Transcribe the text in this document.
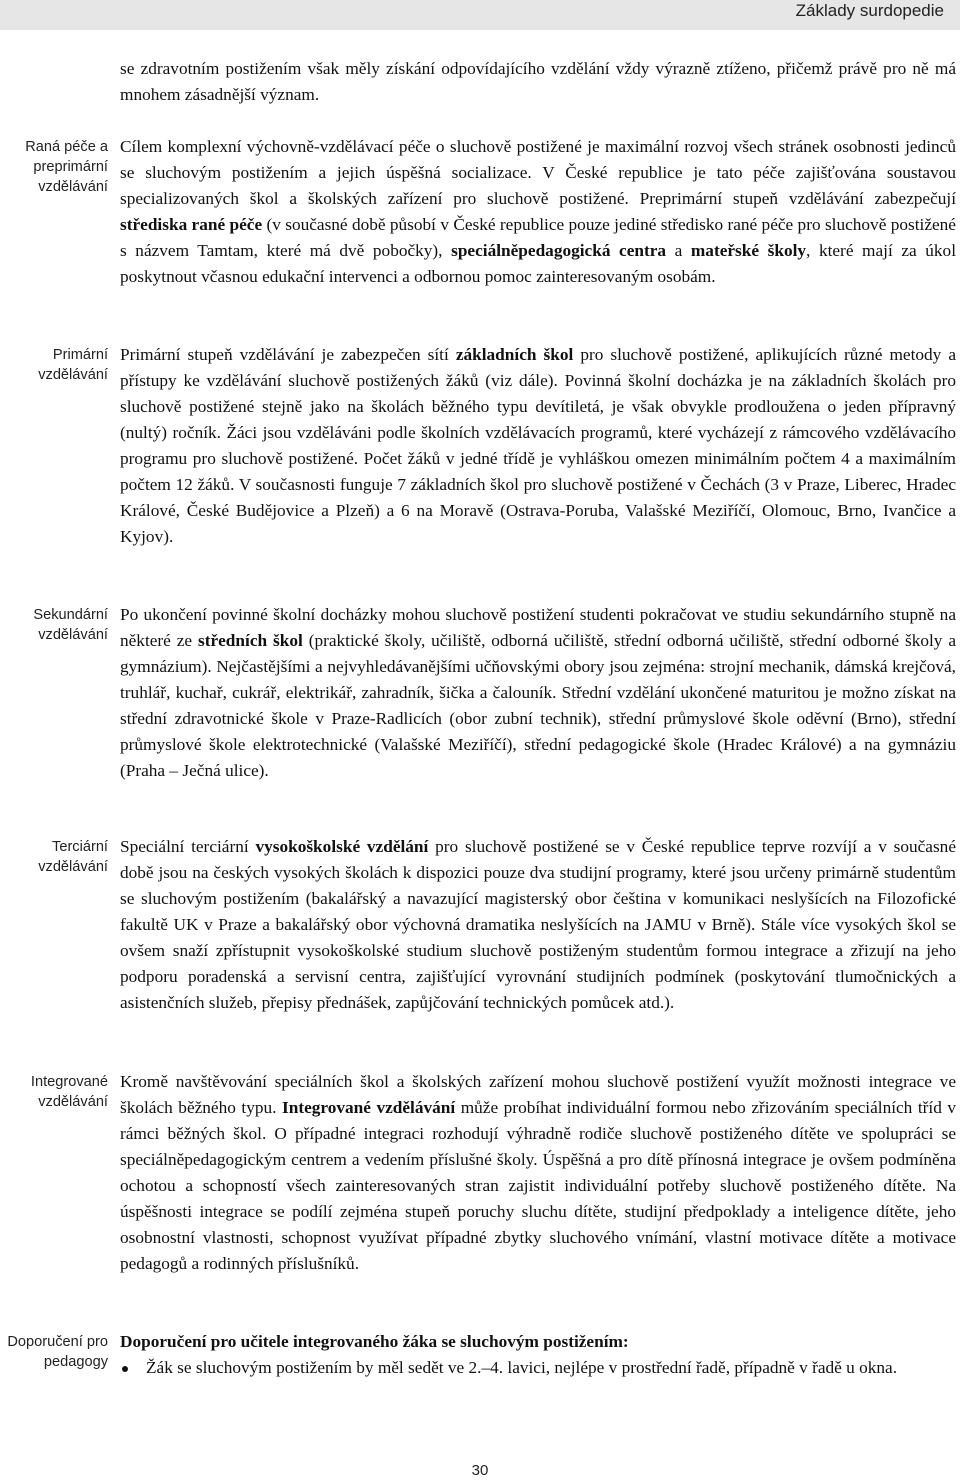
Základy surdopedie
se zdravotním postižením však měly získání odpovídajícího vzdělání vždy výrazně ztíženo, přičemž právě pro ně má mnohem zásadnější význam.
Raná péče a preprimární vzdělávání
Cílem komplexní výchovně-vzdělávací péče o sluchově postižené je maximální rozvoj všech stránek osobnosti jedinců se sluchovým postižením a jejich úspěšná socializace. V České republice je tato péče zajišťována soustavou specializovaných škol a školských zařízení pro sluchově postižené. Preprimární stupeň vzdělávání zabezpečují střediska rané péče (v současné době působí v České republice pouze jediné středisko rané péče pro sluchově postižené s názvem Tamtam, které má dvě pobočky), speciálněpedagogická centra a mateřské školy, které mají za úkol poskytnout včasnou edukační intervenci a odbornou pomoc zainteresovaným osobám.
Primární vzdělávání
Primární stupeň vzdělávání je zabezpečen sítí základních škol pro sluchově postižené, aplikujících různé metody a přístupy ke vzdělávání sluchově postižených žáků (viz dále). Povinná školní docházka je na základních školách pro sluchově postižené stejně jako na školách běžného typu devítiletá, je však obvykle prodloužena o jeden přípravný (nultý) ročník. Žáci jsou vzděláváni podle školních vzdělávacích programů, které vycházejí z rámcového vzdělávacího programu pro sluchově postižené. Počet žáků v jedné třídě je vyhláškou omezen minimálním počtem 4 a maximálním počtem 12 žáků. V současnosti funguje 7 základních škol pro sluchově postižené v Čechách (3 v Praze, Liberec, Hradec Králové, České Budějovice a Plzeň) a 6 na Moravě (Ostrava-Poruba, Valašské Meziříčí, Olomouc, Brno, Ivančice a Kyjov).
Sekundární vzdělávání
Po ukončení povinné školní docházky mohou sluchově postižení studenti pokračovat ve studiu sekundárního stupně na některé ze středních škol (praktické školy, učiliště, odborná učiliště, střední odborná učiliště, střední odborné školy a gymnázium). Nejčastějšími a nejvyhledávanějšími učňovskými obory jsou zejména: strojní mechanik, dámská krejčová, truhlář, kuchař, cukrář, elektrikář, zahradník, šička a čalouník. Střední vzdělání ukončené maturitou je možno získat na střední zdravotnické škole v Praze-Radlicích (obor zubní technik), střední průmyslové škole oděvní (Brno), střední průmyslové škole elektrotechnické (Valašské Meziříčí), střední pedagogické škole (Hradec Králové) a na gymnáziu (Praha – Ječná ulice).
Terciární vzdělávání
Speciální terciární vysokoškolské vzdělání pro sluchově postižené se v České republice teprve rozvíjí a v současné době jsou na českých vysokých školách k dispozici pouze dva studijní programy, které jsou určeny primárně studentům se sluchovým postižením (bakalářský a navazující magisterský obor čeština v komunikaci neslyšících na Filozofické fakultě UK v Praze a bakalářský obor výchovná dramatika neslyšících na JAMU v Brně). Stále více vysokých škol se ovšem snaží zpřístupnit vysokoškolské studium sluchově postiženým studentům formou integrace a zřizují na jeho podporu poradenská a servisní centra, zajišťující vyrovnání studijních podmínek (poskytování tlumočnických a asistenčních služeb, přepisy přednášek, zapůjčování technických pomůcek atd.).
Integrované vzdělávání
Kromě navštěvování speciálních škol a školských zařízení mohou sluchově postižení využít možnosti integrace ve školách běžného typu. Integrované vzdělávání může probíhat individuální formou nebo zřizováním speciálních tříd v rámci běžných škol. O případné integraci rozhodují výhradně rodiče sluchově postiženého dítěte ve spolupráci se speciálněpedagogickým centrem a vedením příslušné školy. Úspěšná a pro dítě přínosná integrace je ovšem podmíněna ochotou a schopností všech zainteresovaných stran zajistit individuální potřeby sluchově postiženého dítěte. Na úspěšnosti integrace se podílí zejména stupeň poruchy sluchu dítěte, studijní předpoklady a inteligence dítěte, jeho osobnostní vlastnosti, schopnost využívat případné zbytky sluchového vnímání, vlastní motivace dítěte a motivace pedagogů a rodinných příslušníků.
Doporučení pro pedagogy
Doporučení pro učitele integrovaného žáka se sluchovým postižením:
Žák se sluchovým postižením by měl sedět ve 2.–4. lavici, nejlépe v prostřední řadě, případně v řadě u okna.
30
